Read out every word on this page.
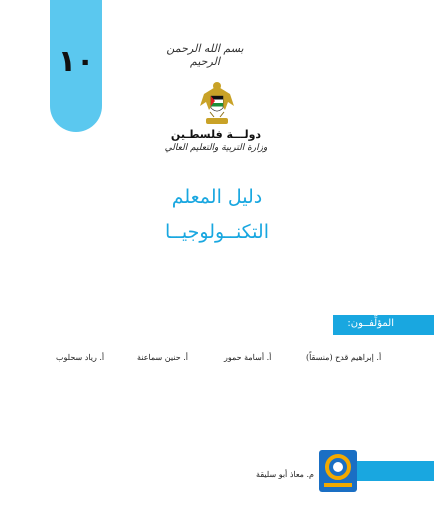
١٠	بسم الله الرحمن الرحيم
دولـــة فلسطـين
وزارة التربية والتعليم العالي
دليل المعلم
التكنــولوجيــا
المؤلِّفــون:
أ. إبراهيم قدح (منسقاً)
أ. أسامة حمور
أ. حنين سماعنة
أ. رياد سحلوب
م. معاذ أبو سليقة
